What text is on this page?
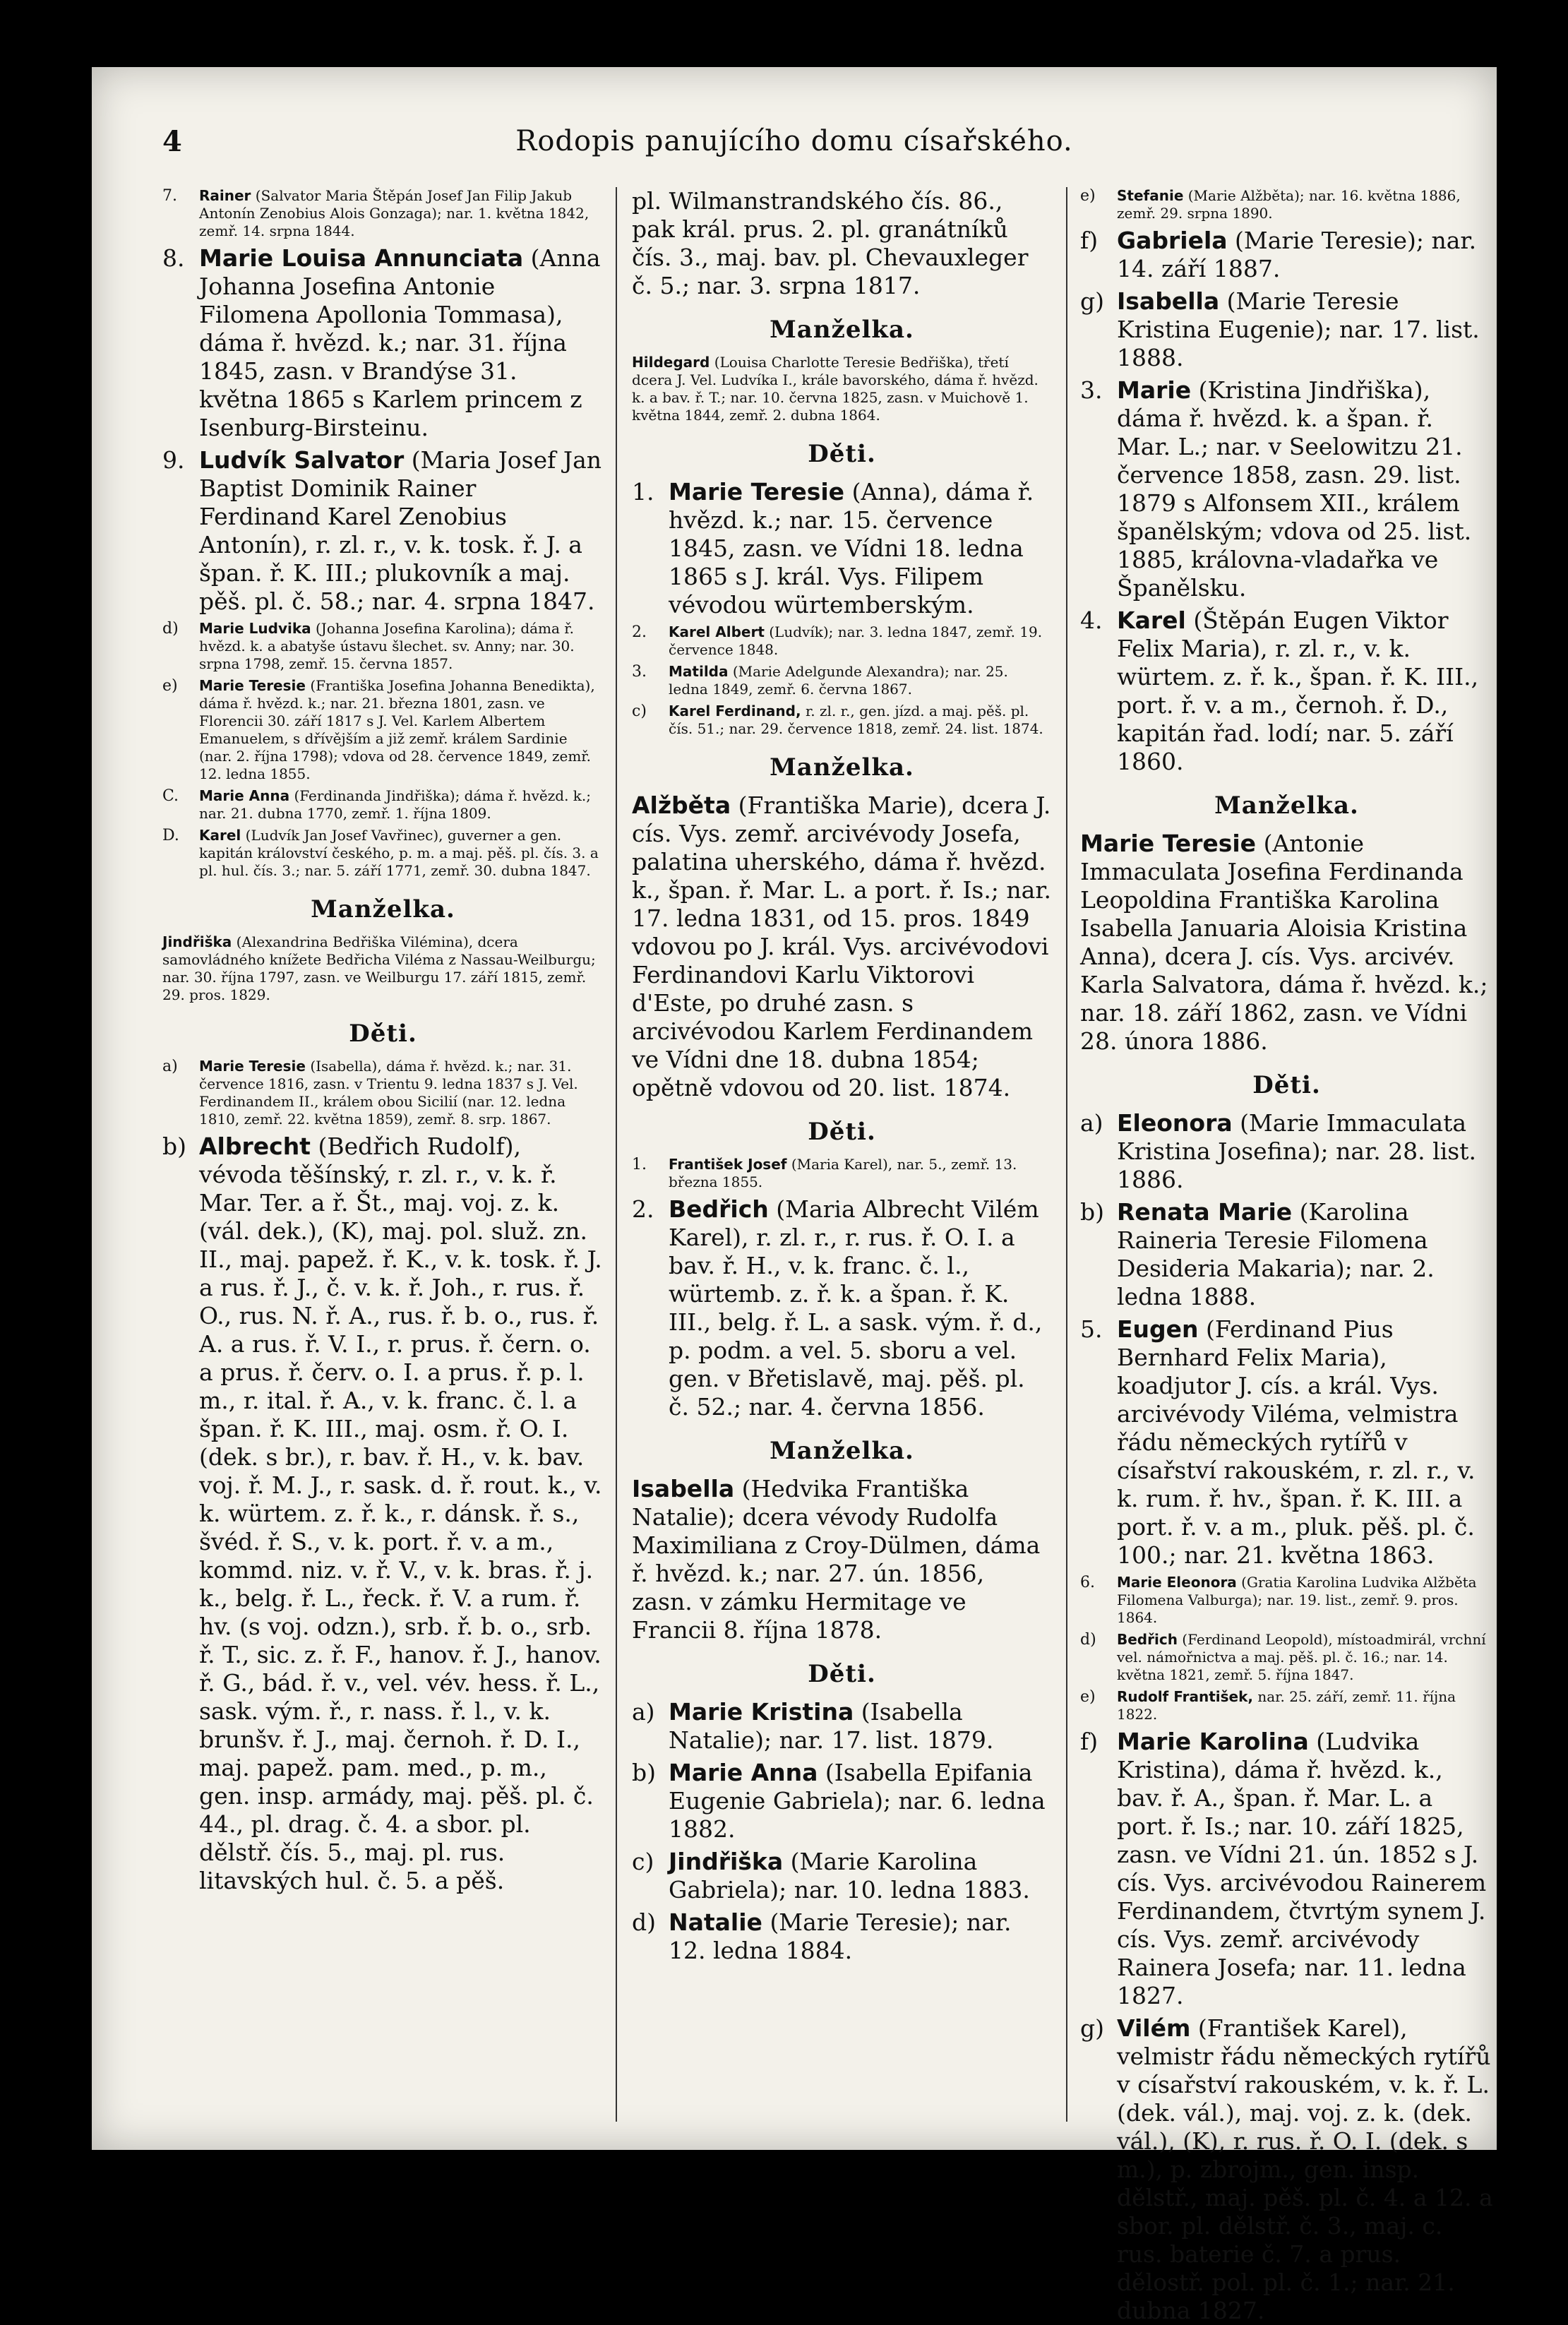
4	Rodopis panujícího domu císařského.
7. Rainer (Salvator Maria Štěpán Josef Jan Filip Jakub Antonín Zenobius Alois Gonzaga); nar. 1. května 1842, zemř. 14. srpna 1844.
8. Marie Louisa Annunciata (Anna Johanna Josefina Antonie Filomena Apollonia Tommasa), dáma ř. hvězd. k.; nar. 31. října 1845, zasn. v Brandýse 31. května 1865 s Karlem princem z Isenburg-Birsteinu.
9. Ludvík Salvator (Maria Josef Jan Baptist Dominik Rainer Ferdinand Karel Zenobius Antonín), r. zl. r., v. k. tosk. ř. J. a špan. ř. K. III.; plukovník a maj. pěš. pl. č. 58.; nar. 4. srpna 1847.
d) Marie Ludvika (Johanna Josefina Karolina); dáma ř. hvězd. k. a abatyše ústavu šlechet. sv. Anny; nar. 30. srpna 1798, zemř. 15. června 1857.
e) Marie Teresie (Františka Josefina Johanna Benedikta), dáma ř. hvězd. k.; nar. 21. března 1801, zasn. ve Florencii 30. září 1817 s J. Vel. Karlem Albertem Emanuelem, s dřívějším a již zemř. králem Sardinie (nar. 2. října 1798); vdova od 28. července 1849, zemř. 12. ledna 1855.
C. Marie Anna (Ferdinanda Jindřiška); dáma ř. hvězd. k.; nar. 21. dubna 1770, zemř. 1. října 1809.
D. Karel (Ludvík Jan Josef Vavřinec), guverner a gen. kapitán království českého, p. m. a maj. pěš. pl. čís. 3. a pl. hul. čís. 3.; nar. 5. září 1771, zemř. 30. dubna 1847.
Manželka.
Jindřiška (Alexandrina Bedřiška Vilémina), dcera samovládného knížete Bedřicha Viléma z Nassau-Weilburgu; nar. 30. října 1797, zasn. ve Weilburgu 17. září 1815, zemř. 29. pros. 1829.
Děti.
a) Marie Teresie (Isabella), dáma ř. hvězd. k.; nar. 31. července 1816, zasn. v Trientu 9. ledna 1837 s J. Vel. Ferdinandem II., králem obou Sicilií (nar. 12. ledna 1810, zemř. 22. května 1859), zemř. 8. srp. 1867.
b) Albrecht (Bedřich Rudolf), vévoda těšínský, r. zl. r., v. k. ř. Mar. Ter. a ř. Št., maj. voj. z. k. (vál. dek.), (K), maj. pol. služ. zn. II., maj. papež. ř. K., v. k. tosk. ř. J. a rus. ř. J., č. v. k. ř. Joh., r. rus. ř. O., rus. N. ř. A., rus. ř. b. o., rus. ř. A. a rus. ř. V. I., r. prus. ř. čern. o. a prus. ř. červ. o. I. a prus. ř. p. l. m., r. ital. ř. A., v. k. franc. č. l. a špan. ř. K. III., maj. osm. ř. O. I. (dek. s br.), r. bav. ř. H., v. k. bav. voj. ř. M. J., r. sask. d. ř. rout. k., v. k. würtem. z. ř. k., r. dánsk. ř. s., švéd. ř. S., v. k. port. ř. v. a m., kommd. niz. v. ř. V., v. k. bras. ř. j. k., belg. ř. L., řeck. ř. V. a rum. ř. hv. (s voj. odzn.), srb. ř. b. o., srb. ř. T., sic. z. ř. F., hanov. ř. J., hanov. ř. G., bád. ř. v., vel. vév. hess. ř. L., sask. vým. ř., r. nass. ř. l., v. k. brunšv. ř. J., maj. černoh. ř. D. I., maj. papež. pam. med., p. m., gen. insp. armády, maj. pěš. pl. č. 44., pl. drag. č. 4. a sbor. pl. dělstř. čís. 5., maj. pl. rus. litavských hul. č. 5. a pěš.
pl. Wilmanstrandského čís. 86., pak král. prus. 2. pl. granátníků čís. 3., maj. bav. pl. Chevauxleger č. 5.; nar. 3. srpna 1817.
Manželka.
Hildegard (Louisa Charlotte Teresie Bedřiška), třetí dcera J. Vel. Ludvíka I., krále bavorského, dáma ř. hvězd. k. a bav. ř. T.; nar. 10. června 1825, zasn. v Muichově 1. května 1844, zemř. 2. dubna 1864.
Děti.
1. Marie Teresie (Anna), dáma ř. hvězd. k.; nar. 15. července 1845, zasn. ve Vídni 18. ledna 1865 s J. král. Vys. Filipem vévodou würtemberským.
2. Karel Albert (Ludvík); nar. 3. ledna 1847, zemř. 19. července 1848.
3. Matilda (Marie Adelgunde Alexandra); nar. 25. ledna 1849, zemř. 6. června 1867.
c) Karel Ferdinand, r. zl. r., gen. jízd. a maj. pěš. pl. čís. 51.; nar. 29. července 1818, zemř. 24. list. 1874.
Manželka.
Alžběta (Františka Marie), dcera J. cís. Vys. zemř. arcivévody Josefa, palatina uherského, dáma ř. hvězd. k., špan. ř. Mar. L. a port. ř. Is.; nar. 17. ledna 1831, od 15. pros. 1849 vdovou po J. král. Vys. arcivévodovi Ferdinandovi Karlu Viktorovi d'Este, po druhé zasn. s arcivévodou Karlem Ferdinandem ve Vídni dne 18. dubna 1854; opětně vdovou od 20. list. 1874.
Děti.
1. František Josef (Maria Karel), nar. 5., zemř. 13. března 1855.
2. Bedřich (Maria Albrecht Vilém Karel), r. zl. r., r. rus. ř. O. I. a bav. ř. H., v. k. franc. č. l., würtemb. z. ř. k. a špan. ř. K. III., belg. ř. L. a sask. vým. ř. d., p. podm. a vel. 5. sboru a vel. gen. v Břetislavě, maj. pěš. pl. č. 52.; nar. 4. června 1856.
Manželka.
Isabella (Hedvika Františka Natalie); dcera vévody Rudolfa Maximiliana z Croy-Dülmen, dáma ř. hvězd. k.; nar. 27. ún. 1856, zasn. v zámku Hermitage ve Francii 8. října 1878.
Děti.
a) Marie Kristina (Isabella Natalie); nar. 17. list. 1879.
b) Marie Anna (Isabella Epifania Eugenie Gabriela); nar. 6. ledna 1882.
c) Jindřiška (Marie Karolina Gabriela); nar. 10. ledna 1883.
d) Natalie (Marie Teresie); nar. 12. ledna 1884.
e) Stefanie (Marie Alžběta); nar. 16. května 1886, zemř. 29. srpna 1890.
f) Gabriela (Marie Teresie); nar. 14. září 1887.
g) Isabella (Marie Teresie Kristina Eugenie); nar. 17. list. 1888.
3. Marie (Kristina Jindřiška), dáma ř. hvězd. k. a špan. ř. Mar. L.; nar. v Seelowitzu 21. července 1858, zasn. 29. list. 1879 s Alfonsem XII., králem španělským; vdova od 25. list. 1885, královna-vladařka ve Španělsku.
4. Karel (Štěpán Eugen Viktor Felix Maria), r. zl. r., v. k. würtem. z. ř. k., špan. ř. K. III., port. ř. v. a m., černoh. ř. D., kapitán řad. lodí; nar. 5. září 1860.
Manželka.
Marie Teresie (Antonie Immaculata Josefina Ferdinanda Leopoldina Františka Karolina Isabella Januaria Aloisia Kristina Anna), dcera J. cís. Vys. arcivév. Karla Salvatora, dáma ř. hvězd. k.; nar. 18. září 1862, zasn. ve Vídni 28. února 1886.
Děti.
a) Eleonora (Marie Immaculata Kristina Josefina); nar. 28. list. 1886.
b) Renata Marie (Karolina Raineria Teresie Filomena Desideria Makaria); nar. 2. ledna 1888.
5. Eugen (Ferdinand Pius Bernhard Felix Maria), koadjutor J. cís. a král. Vys. arcivévody Viléma, velmistra řádu německých rytířů v císařství rakouském, r. zl. r., v. k. rum. ř. hv., špan. ř. K. III. a port. ř. v. a m., pluk. pěš. pl. č. 100.; nar. 21. května 1863.
6. Marie Eleonora (Gratia Karolina Ludvika Alžběta Filomena Valburga); nar. 19. list., zemř. 9. pros. 1864.
d) Bedřich (Ferdinand Leopold), místoadmirál, vrchní vel. námořnictva a maj. pěš. pl. č. 16.; nar. 14. května 1821, zemř. 5. října 1847.
e) Rudolf František, nar. 25. září, zemř. 11. října 1822.
f) Marie Karolina (Ludvika Kristina), dáma ř. hvězd. k., bav. ř. A., špan. ř. Mar. L. a port. ř. Is.; nar. 10. září 1825, zasn. ve Vídni 21. ún. 1852 s J. cís. Vys. arcivévodou Rainerem Ferdinandem, čtvrtým synem J. cís. Vys. zemř. arcivévody Rainera Josefa; nar. 11. ledna 1827.
g) Vilém (František Karel), velmistr řádu německých rytířů v císařství rakouském, v. k. ř. L. (dek. vál.), maj. voj. z. k. (dek. vál.), (K), r. rus. ř. O. I. (dek. s m.), p. zbrojm., gen. insp. dělstř., maj. pěš. pl. č. 4. a 12. a sbor. pl. dělstř. č. 3., maj. c. rus. baterie č. 7. a prus. dělostř. pol. pl. č. 1.; nar. 21. dubna 1827.
